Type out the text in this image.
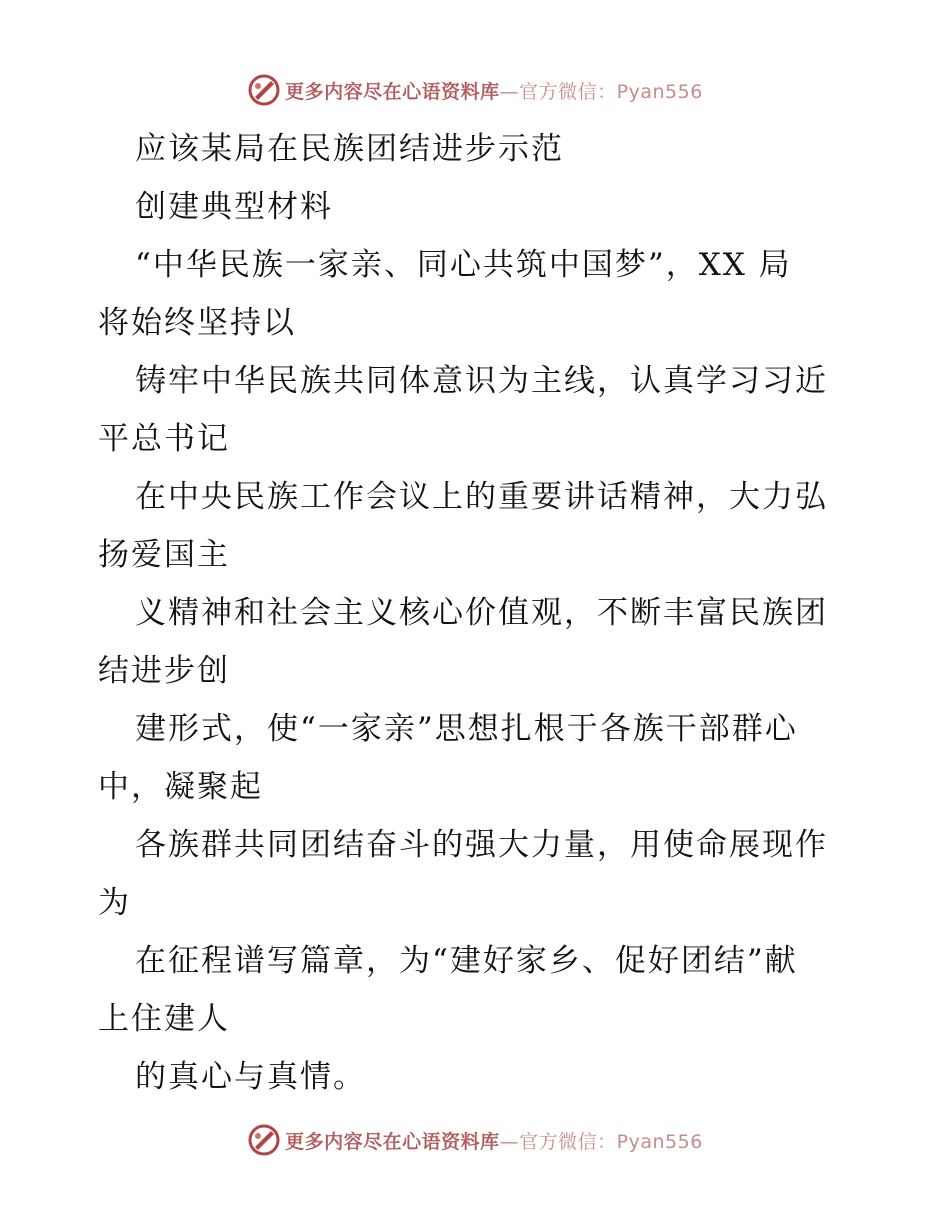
更多内容尽在心语资料库—官方微信：Pyan556
应该某局在民族团结进步示范
创建典型材料
“中华民族一家亲、同心共筑中国梦”，XX 局
将始终坚持以
铸牢中华民族共同体意识为主线，认真学习习近
平总书记
在中央民族工作会议上的重要讲话精神，大力弘
扬爱国主
义精神和社会主义核心价值观，不断丰富民族团
结进步创
建形式，使“一家亲”思想扎根于各族干部群心
中，凝聚起
各族群共同团结奋斗的强大力量，用使命展现作
为
在征程谱写篇章，为“建好家乡、促好团结”献
上住建人
的真心与真情。
更多内容尽在心语资料库—官方微信：Pyan556
